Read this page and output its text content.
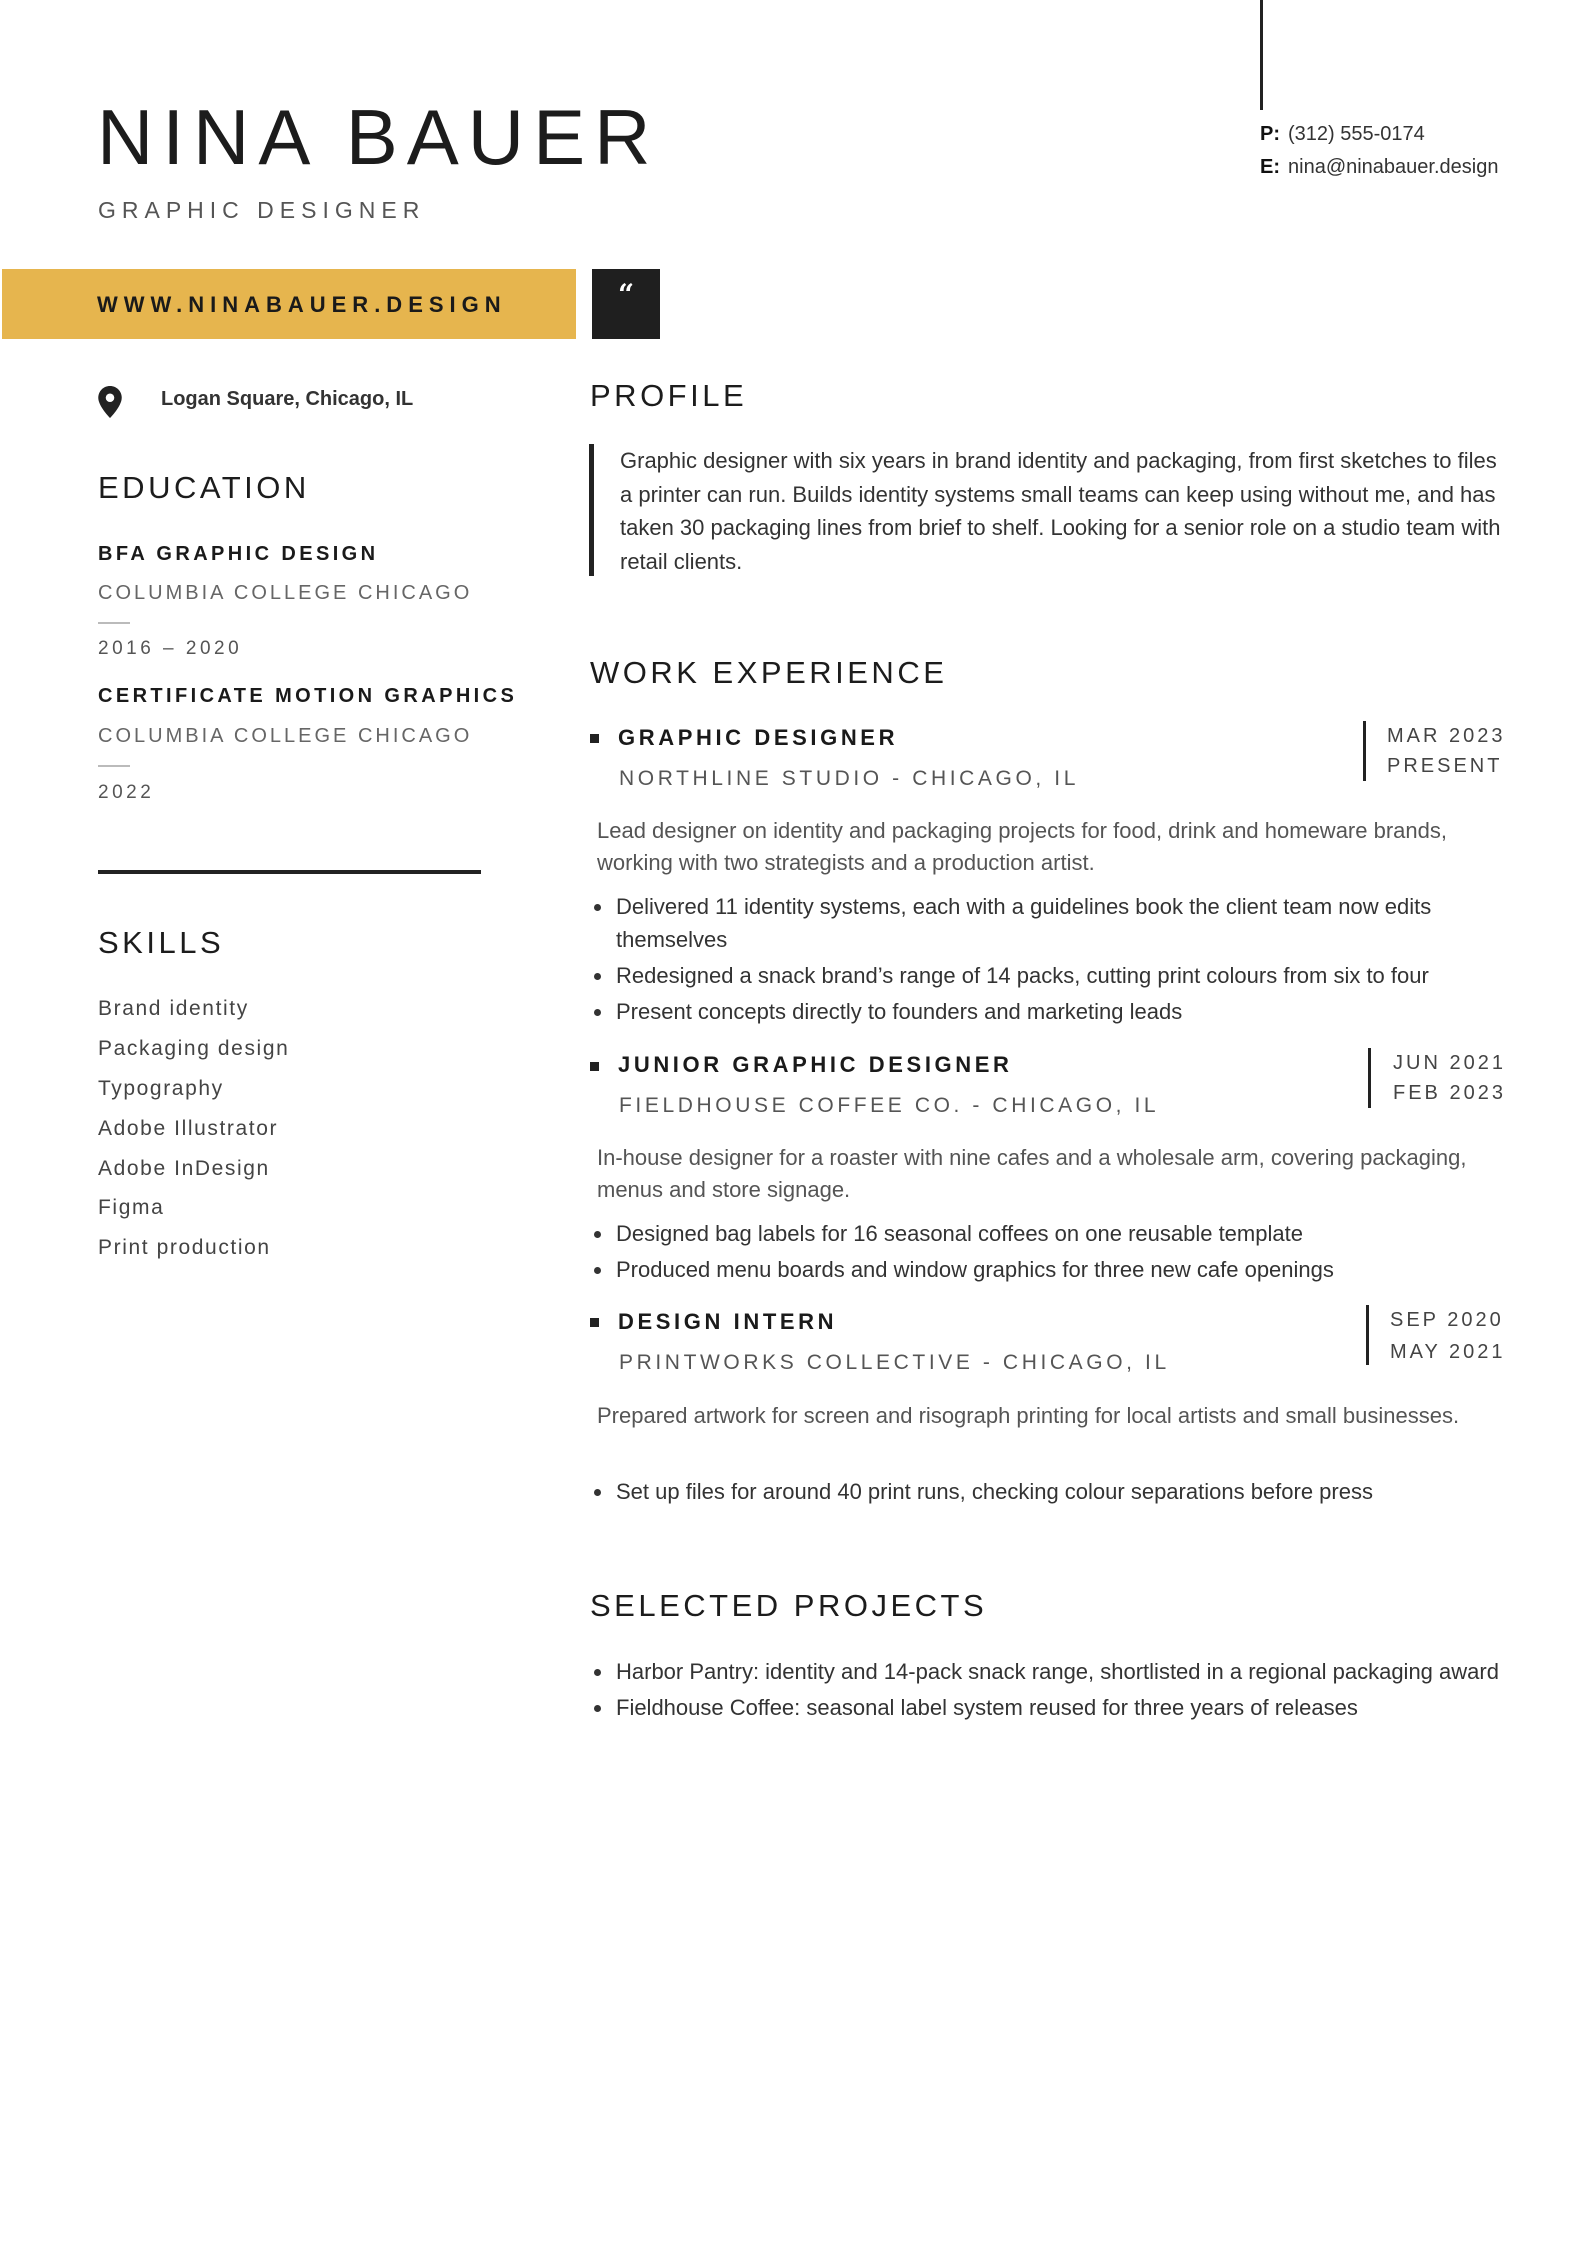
NINA BAUER
GRAPHIC DESIGNER
P: (312) 555-0174
E: nina@ninabauer.design
WWW.NINABAUER.DESIGN	“
Logan Square, Chicago, IL
EDUCATION
BFA GRAPHIC DESIGN
COLUMBIA COLLEGE CHICAGO
2016 – 2020
CERTIFICATE MOTION GRAPHICS
COLUMBIA COLLEGE CHICAGO
2022
SKILLS
Brand identity
Packaging design
Typography
Adobe Illustrator
Adobe InDesign
Figma
Print production
PROFILE
Graphic designer with six years in brand identity and packaging, from first sketches to files a printer can run. Builds identity systems small teams can keep using without me, and has taken 30 packaging lines from brief to shelf. Looking for a senior role on a studio team with retail clients.
WORK EXPERIENCE
GRAPHIC DESIGNER
NORTHLINE STUDIO - CHICAGO, IL
MAR 2023
PRESENT
Lead designer on identity and packaging projects for food, drink and homeware brands, working with two strategists and a production artist.
Delivered 11 identity systems, each with a guidelines book the client team now edits themselves
Redesigned a snack brand’s range of 14 packs, cutting print colours from six to four
Present concepts directly to founders and marketing leads
JUNIOR GRAPHIC DESIGNER
FIELDHOUSE COFFEE CO. - CHICAGO, IL
JUN 2021
FEB 2023
In-house designer for a roaster with nine cafes and a wholesale arm, covering packaging, menus and store signage.
Designed bag labels for 16 seasonal coffees on one reusable template
Produced menu boards and window graphics for three new cafe openings
DESIGN INTERN
PRINTWORKS COLLECTIVE - CHICAGO, IL
SEP 2020
MAY 2021
Prepared artwork for screen and risograph printing for local artists and small businesses.
Set up files for around 40 print runs, checking colour separations before press
SELECTED PROJECTS
Harbor Pantry: identity and 14-pack snack range, shortlisted in a regional packaging award
Fieldhouse Coffee: seasonal label system reused for three years of releases
